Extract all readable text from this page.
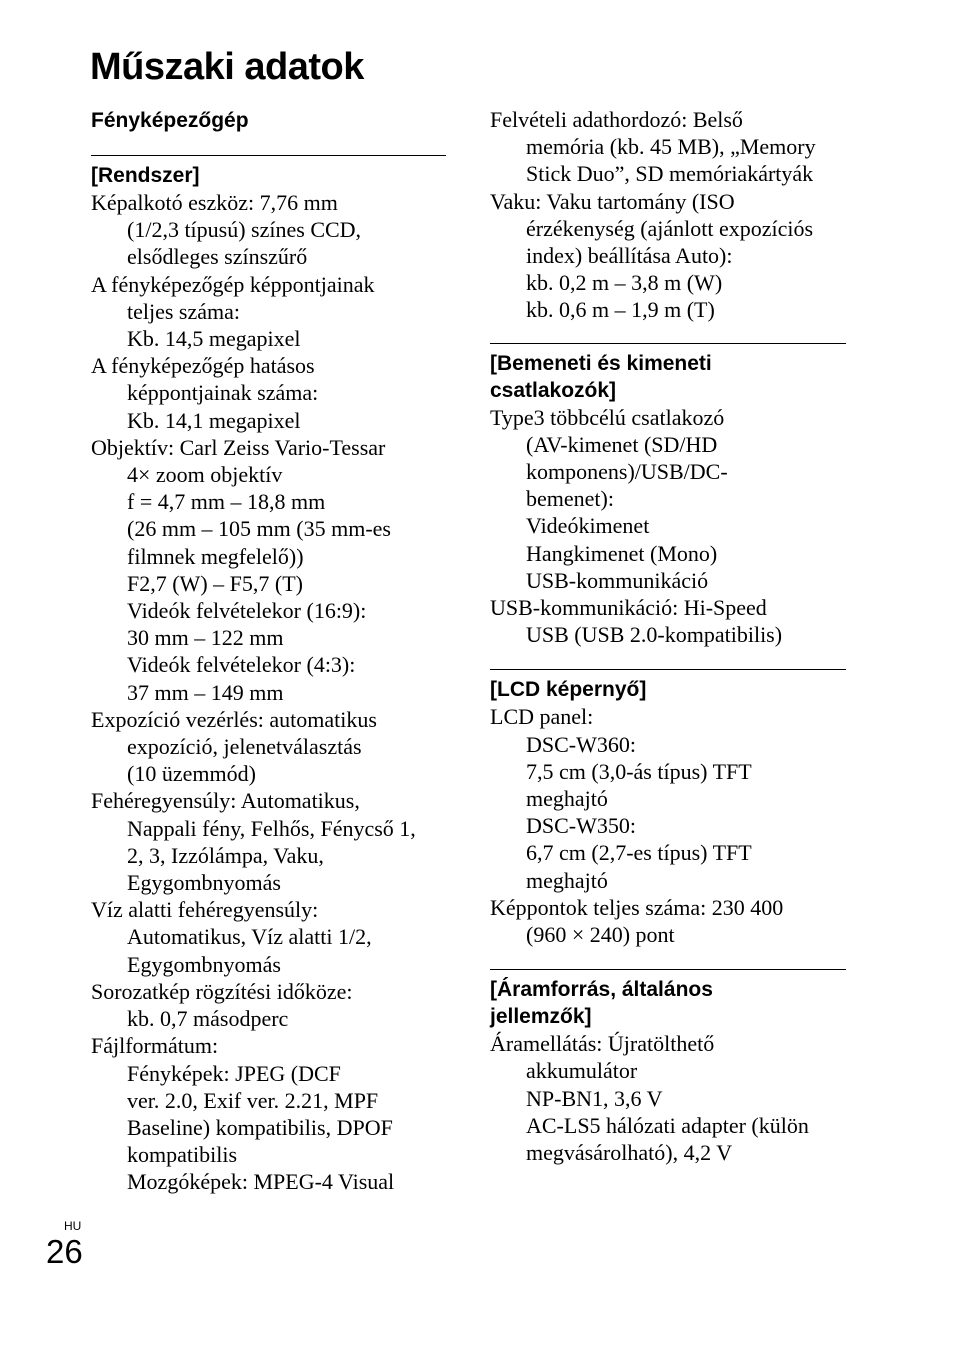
Műszaki adatok
Fényképezőgép
[Rendszer]
Képalkotó eszköz: 7,76 mm
(1/2,3 típusú) színes CCD,
elsődleges színszűrő
A fényképezőgép képpontjainak
teljes száma:
Kb. 14,5 megapixel
A fényképezőgép hatásos
képpontjainak száma:
Kb. 14,1 megapixel
Objektív: Carl Zeiss Vario-Tessar
4× zoom objektív
f = 4,7 mm – 18,8 mm
(26 mm – 105 mm (35 mm-es
filmnek megfelelő))
F2,7 (W) – F5,7 (T)
Videók felvételekor (16:9):
30 mm – 122 mm
Videók felvételekor (4:3):
37 mm – 149 mm
Expozíció vezérlés: automatikus
expozíció, jelenetválasztás
(10 üzemmód)
Fehéregyensúly: Automatikus,
Nappali fény, Felhős, Fénycső 1,
2, 3, Izzólámpa, Vaku,
Egygombnyomás
Víz alatti fehéregyensúly:
Automatikus, Víz alatti 1/2,
Egygombnyomás
Sorozatkép rögzítési időköze:
kb. 0,7 másodperc
Fájlformátum:
Fényképek: JPEG (DCF
ver. 2.0, Exif ver. 2.21, MPF
Baseline) kompatibilis, DPOF
kompatibilis
Mozgóképek: MPEG-4 Visual
Felvételi adathordozó: Belső
memória (kb. 45 MB), „Memory
Stick Duo”, SD memóriakártyák
Vaku: Vaku tartomány (ISO
érzékenység (ajánlott expozíciós
index) beállítása Auto):
kb. 0,2 m – 3,8 m (W)
kb. 0,6 m – 1,9 m (T)
[Bemeneti és kimeneti
csatlakozók]
Type3 többcélú csatlakozó
(AV-kimenet (SD/HD
komponens)/USB/DC-
bemenet):
Videókimenet
Hangkimenet (Mono)
USB-kommunikáció
USB-kommunikáció: Hi-Speed
USB (USB 2.0-kompatibilis)
[LCD képernyő]
LCD panel:
DSC-W360:
7,5 cm (3,0-ás típus) TFT
meghajtó
DSC-W350:
6,7 cm (2,7-es típus) TFT
meghajtó
Képpontok teljes száma: 230 400
(960 × 240) pont
[Áramforrás, általános
jellemzők]
Áramellátás: Újratölthető
akkumulátor
NP-BN1, 3,6 V
AC-LS5 hálózati adapter (külön
megvásárolható), 4,2 V
HU
26
